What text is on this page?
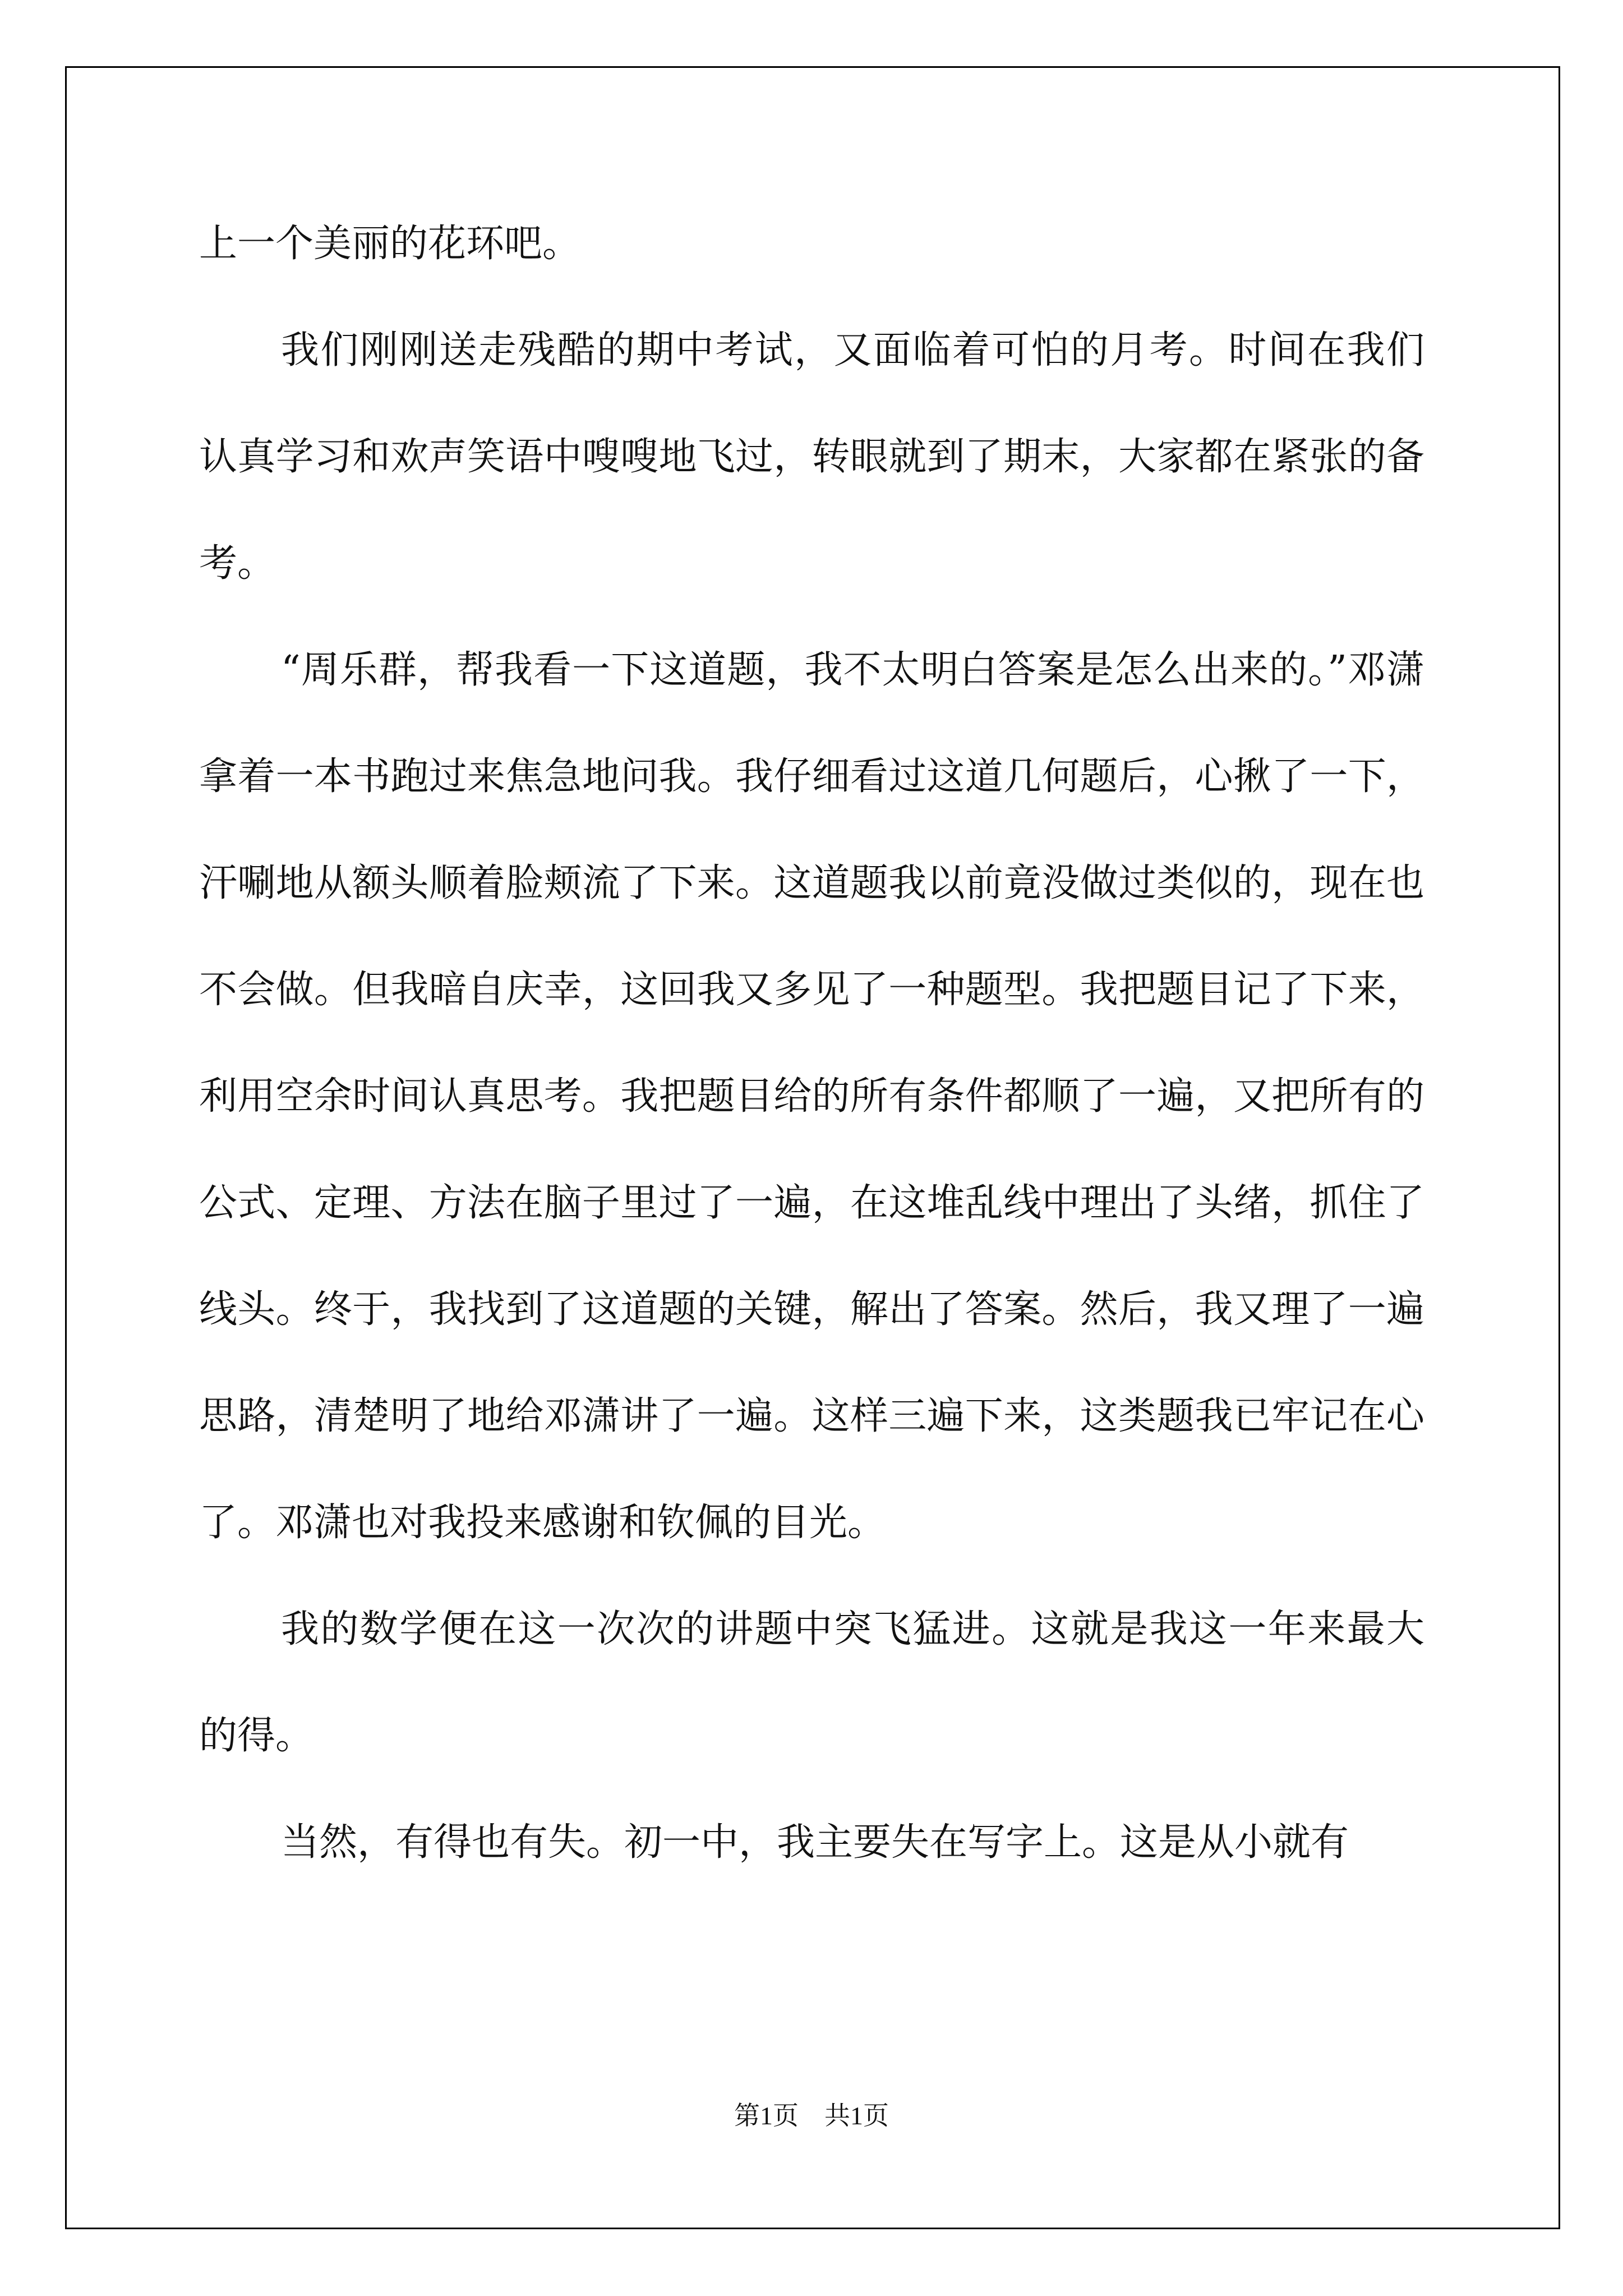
上一个美丽的花环吧。

我们刚刚送走残酷的期中考试，又面临着可怕的月考。时间在我们认真学习和欢声笑语中嗖嗖地飞过，转眼就到了期末，大家都在紧张的备考。

“周乐群，帮我看一下这道题，我不太明白答案是怎么出来的。”邓潇拿着一本书跑过来焦急地问我。我仔细看过这道几何题后，心揪了一下，汗唰地从额头顺着脸颊流了下来。这道题我以前竟没做过类似的，现在也不会做。但我暗自庆幸，这回我又多见了一种题型。我把题目记了下来，利用空余时间认真思考。我把题目给的所有条件都顺了一遍，又把所有的公式、定理、方法在脑子里过了一遍，在这堆乱线中理出了头绪，抓住了线头。终于，我找到了这道题的关键，解出了答案。然后，我又理了一遍思路，清楚明了地给邓潇讲了一遍。这样三遍下来，这类题我已牢记在心了。邓潇也对我投来感谢和钦佩的目光。

我的数学便在这一次次的讲题中突飞猛进。这就是我这一年来最大的得。

当然，有得也有失。初一中，我主要失在写字上。这是从小就有

第1页　共1页
